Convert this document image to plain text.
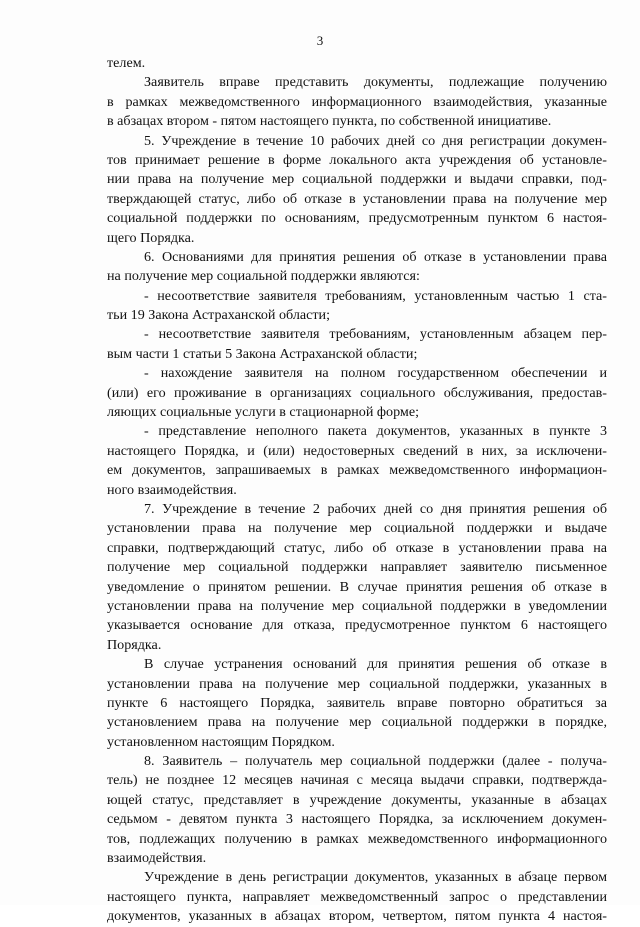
3
телем.
Заявитель вправе представить документы, подлежащие получению
в рамках межведомственного информационного взаимодействия, указанные
в абзацах втором - пятом настоящего пункта, по собственной инициативе.
5. Учреждение в течение 10 рабочих дней со дня регистрации докумен-
тов принимает решение в форме локального акта учреждения об установле-
нии права на получение мер социальной поддержки и выдачи справки, под-
тверждающей статус, либо об отказе в установлении права на получение мер
социальной поддержки по основаниям, предусмотренным пунктом 6 настоя-
щего Порядка.
6. Основаниями для принятия решения об отказе в установлении права
на получение мер социальной поддержки являются:
- несоответствие заявителя требованиям, установленным частью 1 ста-
тьи 19 Закона Астраханской области;
- несоответствие заявителя требованиям, установленным абзацем пер-
вым части 1 статьи 5 Закона Астраханской области;
- нахождение заявителя на полном государственном обеспечении и
(или) его проживание в организациях социального обслуживания, предостав-
ляющих социальные услуги в стационарной форме;
- представление неполного пакета документов, указанных в пункте 3
настоящего Порядка, и (или) недостоверных сведений в них, за исключени-
ем документов, запрашиваемых в рамках межведомственного информацион-
ного взаимодействия.
7. Учреждение в течение 2 рабочих дней со дня принятия решения об
установлении права на получение мер социальной поддержки и выдаче
справки, подтверждающий статус, либо об отказе в установлении права на
получение мер социальной поддержки направляет заявителю письменное
уведомление о принятом решении. В случае принятия решения об отказе в
установлении права на получение мер социальной поддержки в уведомлении
указывается основание для отказа, предусмотренное пунктом 6 настоящего
Порядка.
В случае устранения оснований для принятия решения об отказе в
установлении права на получение мер социальной поддержки, указанных в
пункте 6 настоящего Порядка, заявитель вправе повторно обратиться за
установлением права на получение мер социальной поддержки в порядке,
установленном настоящим Порядком.
8. Заявитель – получатель мер социальной поддержки (далее - получа-
тель) не позднее 12 месяцев начиная с месяца выдачи справки, подтвержда-
ющей статус, представляет в учреждение документы, указанные в абзацах
седьмом - девятом пункта 3 настоящего Порядка, за исключением докумен-
тов, подлежащих получению в рамках межведомственного информационного
взаимодействия.
Учреждение в день регистрации документов, указанных в абзаце первом
настоящего пункта, направляет межведомственный запрос о представлении
документов, указанных в абзацах втором, четвертом, пятом пункта 4 настоя-
